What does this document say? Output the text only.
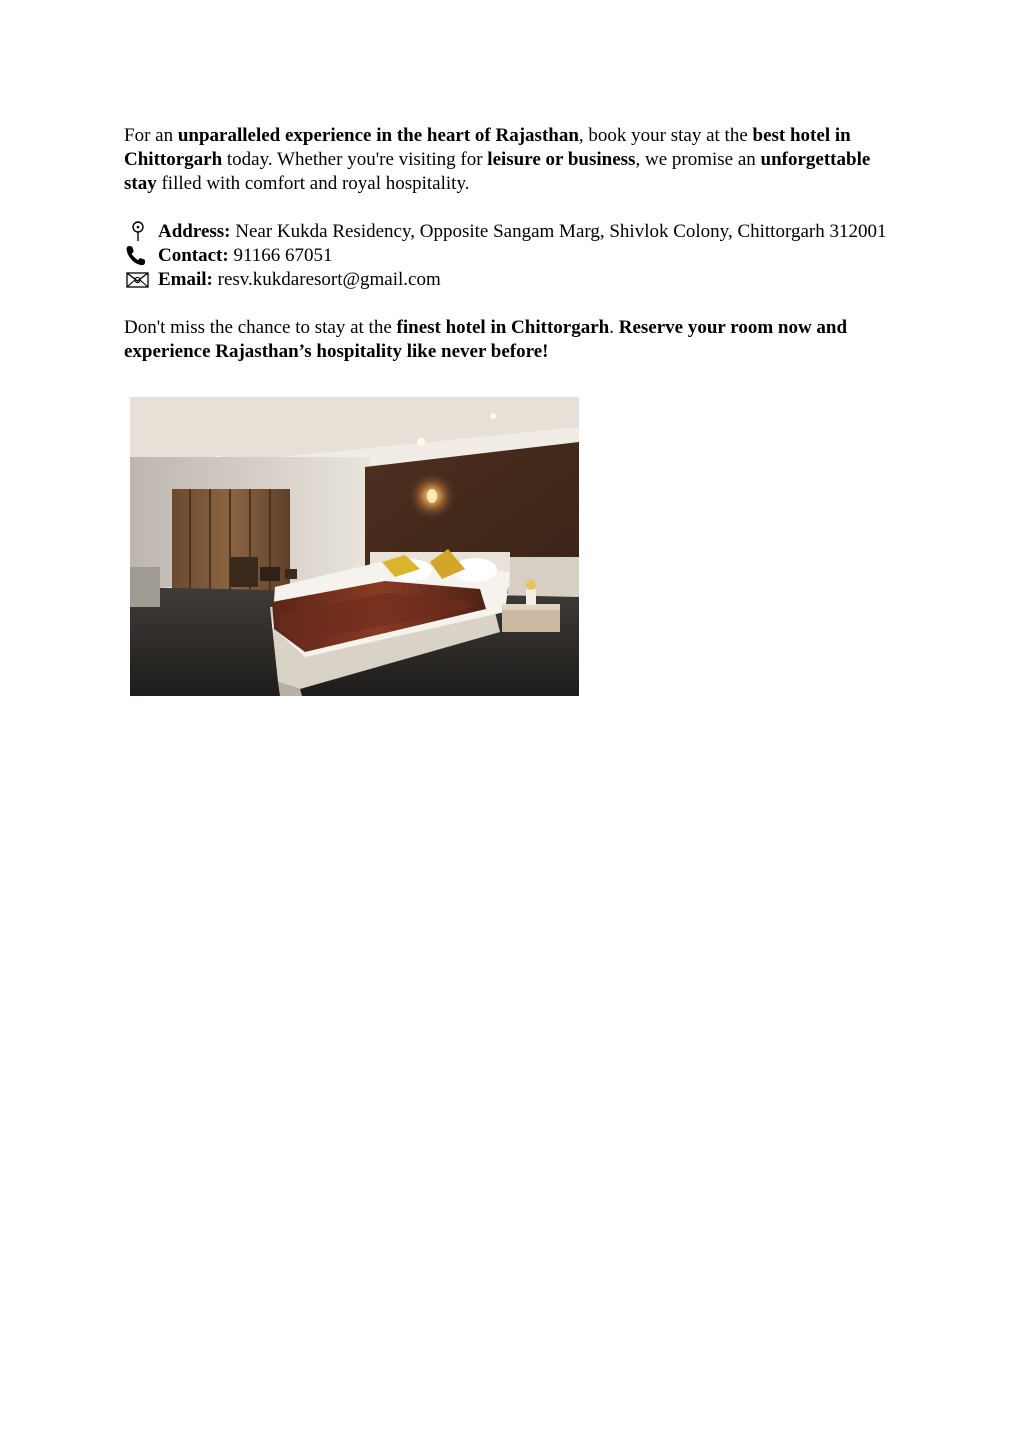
For an unparalleled experience in the heart of Rajasthan, book your stay at the best hotel in Chittorgarh today. Whether you're visiting for leisure or business, we promise an unforgettable stay filled with comfort and royal hospitality.

Address: Near Kukda Residency, Opposite Sangam Marg, Shivlok Colony, Chittorgarh 312001

Contact: 91166 67051

Email: resv.kukdaresort@gmail.com

Don't miss the chance to stay at the finest hotel in Chittorgarh. Reserve your room now and experience Rajasthan’s hospitality like never before!
